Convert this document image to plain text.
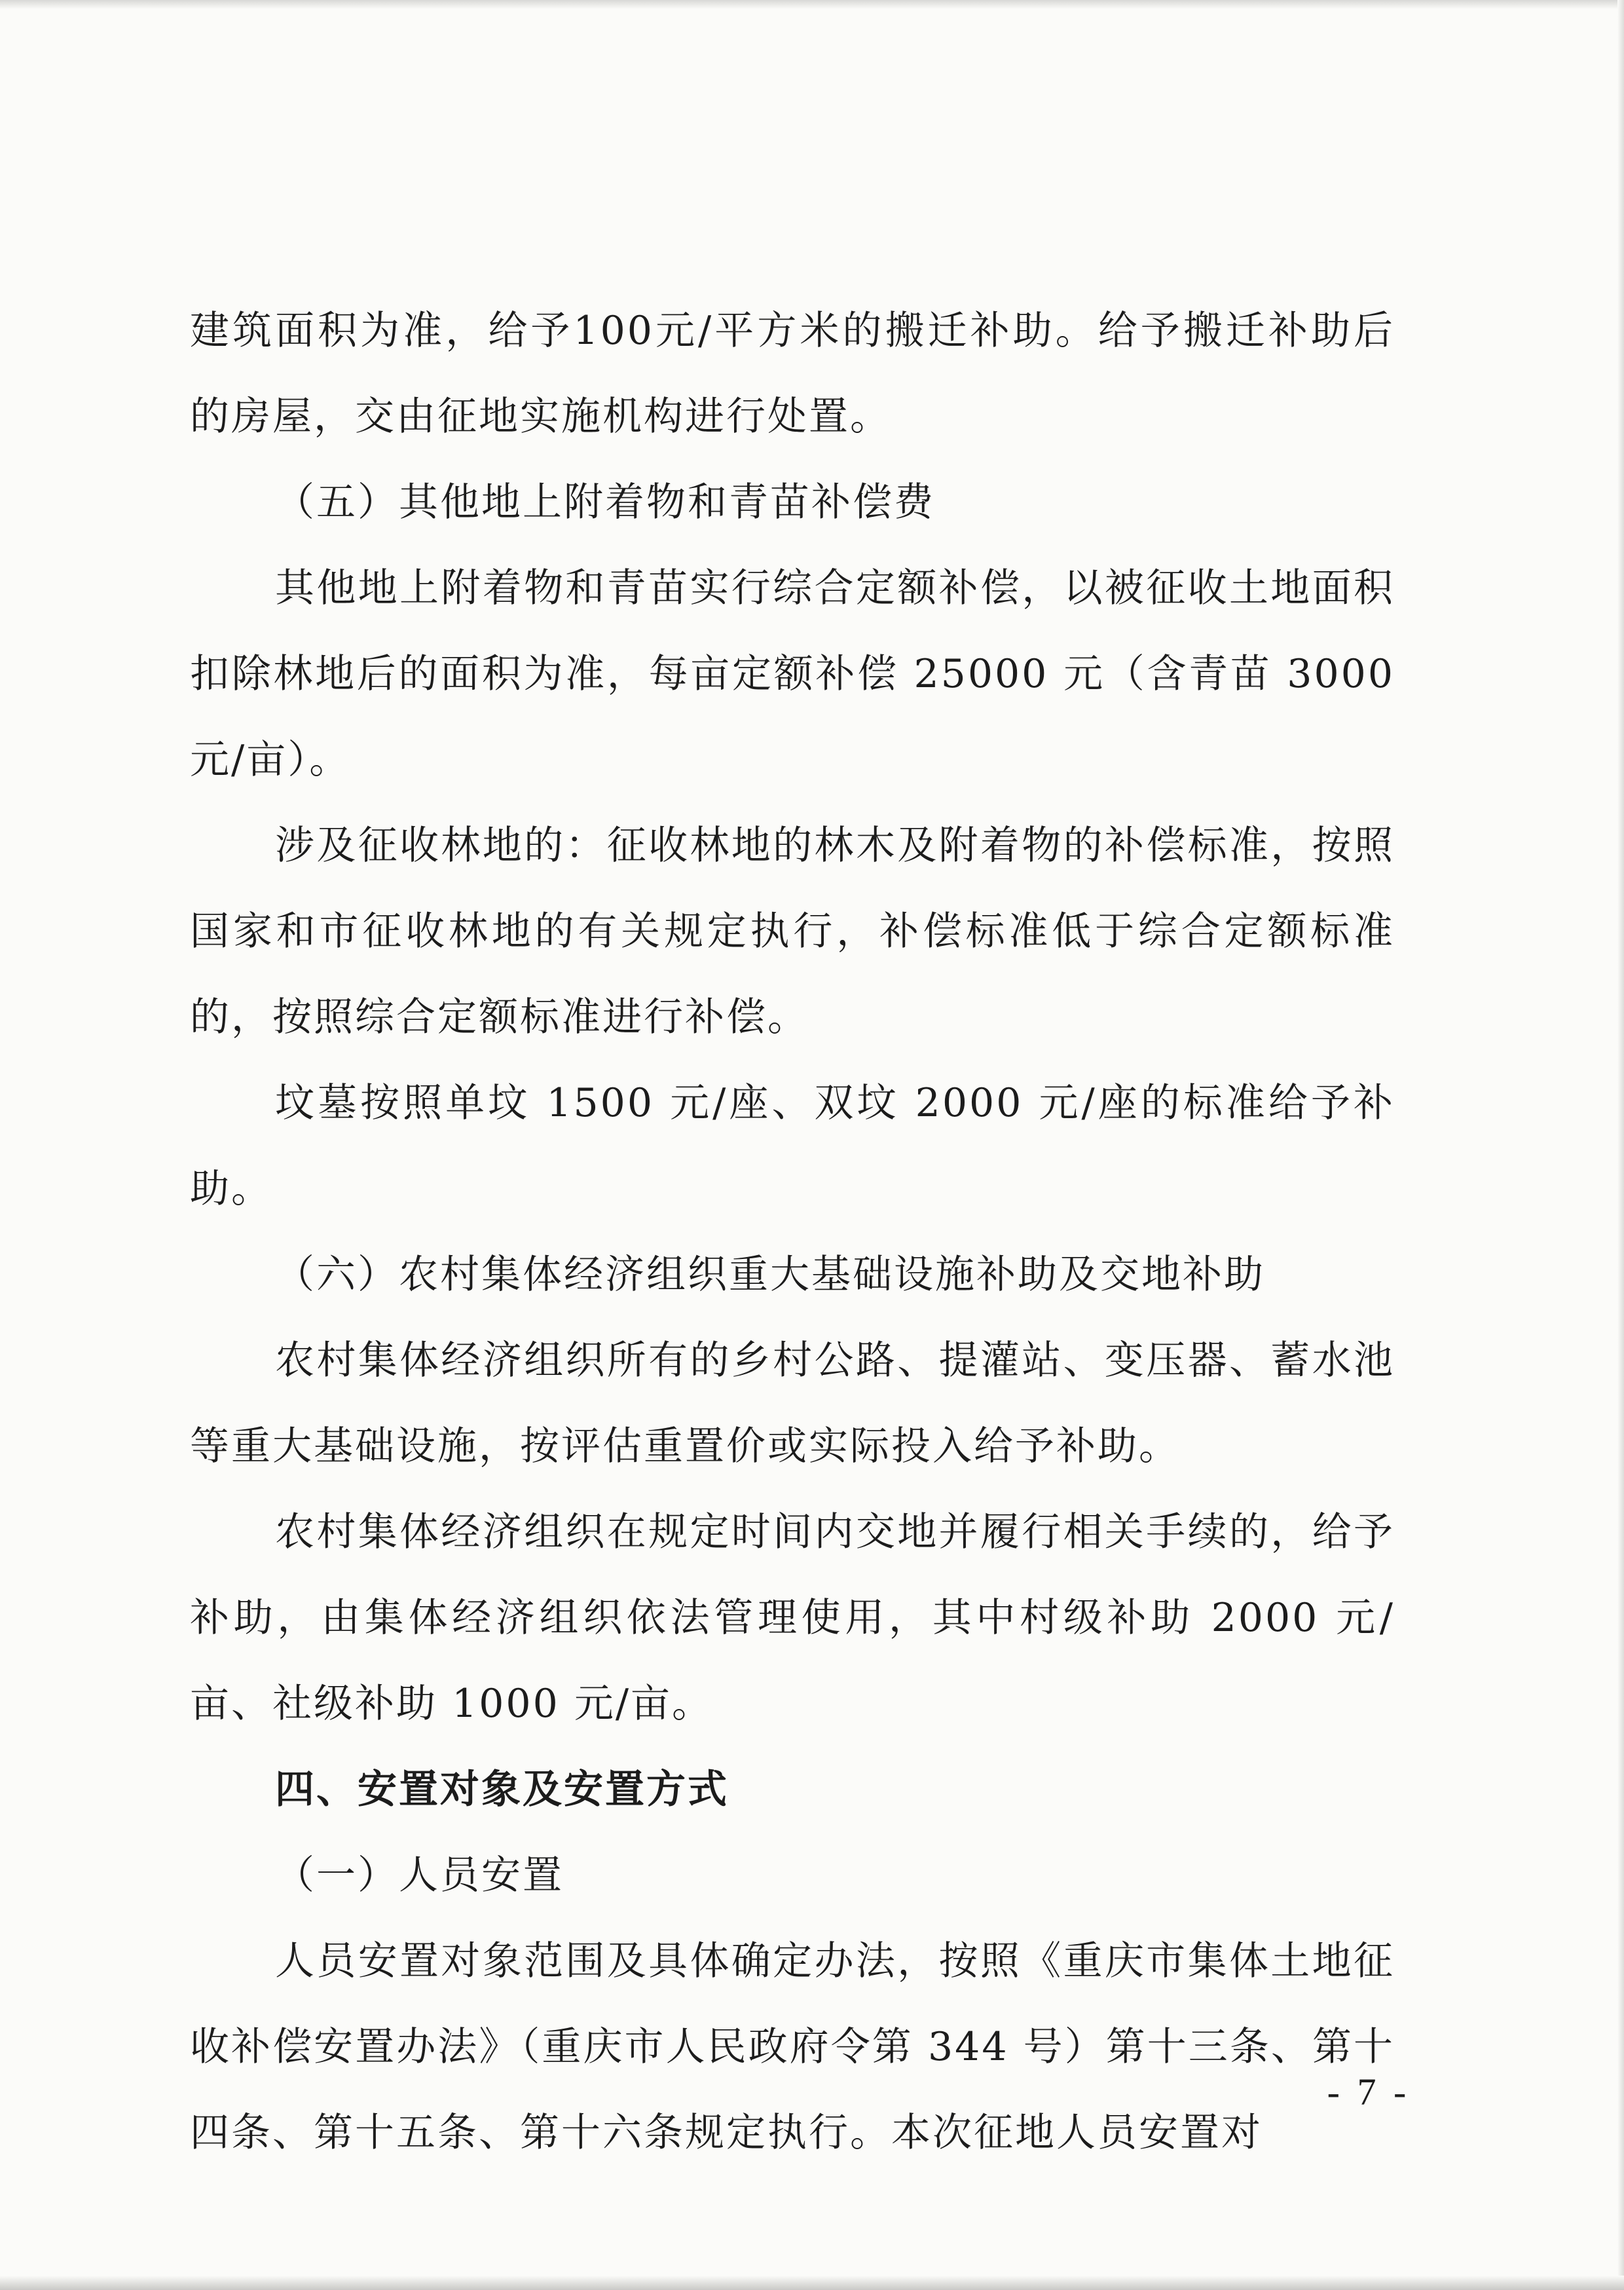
建筑面积为准，给予100元/平方米的搬迁补助。给予搬迁补助后的房屋，交由征地实施机构进行处置。

（五）其他地上附着物和青苗补偿费

其他地上附着物和青苗实行综合定额补偿，以被征收土地面积扣除林地后的面积为准，每亩定额补偿 25000 元（含青苗 3000 元/亩）。

涉及征收林地的：征收林地的林木及附着物的补偿标准，按照国家和市征收林地的有关规定执行，补偿标准低于综合定额标准的，按照综合定额标准进行补偿。

坟墓按照单坟 1500 元/座、双坟 2000 元/座的标准给予补助。

（六）农村集体经济组织重大基础设施补助及交地补助

农村集体经济组织所有的乡村公路、提灌站、变压器、蓄水池等重大基础设施，按评估重置价或实际投入给予补助。

农村集体经济组织在规定时间内交地并履行相关手续的，给予补助，由集体经济组织依法管理使用，其中村级补助 2000 元/亩、社级补助 1000 元/亩。

四、安置对象及安置方式

（一）人员安置

人员安置对象范围及具体确定办法，按照《重庆市集体土地征收补偿安置办法》（重庆市人民政府令第 344 号）第十三条、第十四条、第十五条、第十六条规定执行。本次征地人员安置对

- 7 -
